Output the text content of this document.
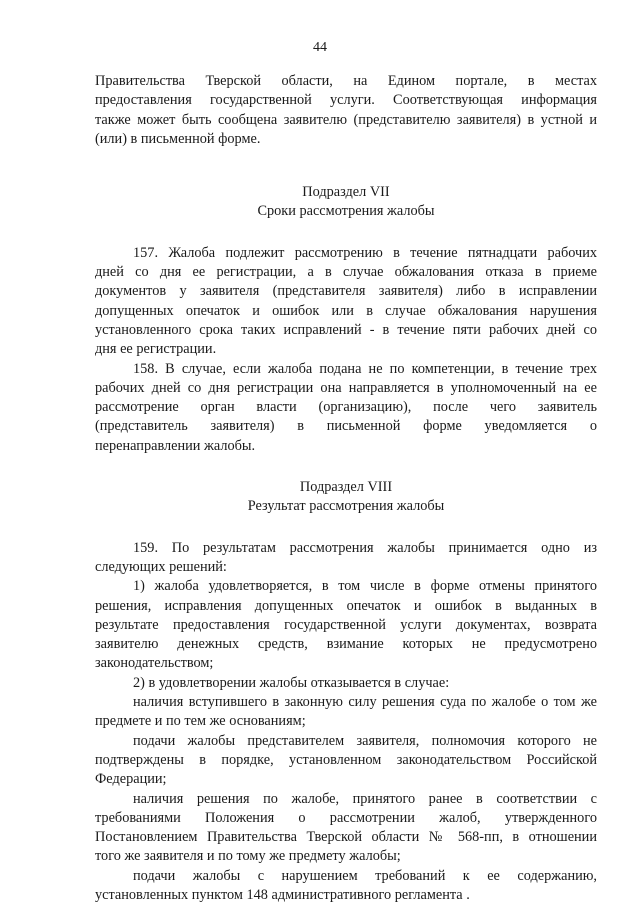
44
Правительства Тверской области, на Едином портале, в местах
предоставления государственной услуги. Соответствующая информация
также может быть сообщена заявителю (представителю заявителя) в устной и
(или) в письменной форме.
Подраздел VII
Сроки рассмотрения жалобы
157. Жалоба подлежит рассмотрению в течение пятнадцати рабочих
дней со дня ее регистрации, а в случае обжалования отказа в приеме
документов у заявителя (представителя заявителя) либо в исправлении
допущенных опечаток и ошибок или в случае обжалования нарушения
установленного срока таких исправлений - в течение пяти рабочих дней со
дня ее регистрации.
158. В случае, если жалоба подана не по компетенции, в течение трех
рабочих дней со дня регистрации она направляется в уполномоченный на ее
рассмотрение орган власти (организацию), после чего заявитель
(представитель заявителя) в письменной форме уведомляется о
перенаправлении жалобы.
Подраздел VIII
Результат рассмотрения жалобы
159. По результатам рассмотрения жалобы принимается одно из
следующих решений:
1) жалоба удовлетворяется, в том числе в форме отмены принятого
решения, исправления допущенных опечаток и ошибок в выданных в
результате предоставления государственной услуги документах, возврата
заявителю денежных средств, взимание которых не предусмотрено
законодательством;
2) в удовлетворении жалобы отказывается в случае:
наличия вступившего в законную силу решения суда по жалобе о том же
предмете и по тем же основаниям;
подачи жалобы представителем заявителя, полномочия которого не
подтверждены в порядке, установленном законодательством Российской
Федерации;
наличия решения по жалобе, принятого ранее в соответствии с
требованиями Положения о рассмотрении жалоб, утвержденного
Постановлением Правительства Тверской области № 568-пп, в отношении
того же заявителя и по тому же предмету жалобы;
подачи жалобы с нарушением требований к ее содержанию,
установленных пунктом 148 административного регламента .
